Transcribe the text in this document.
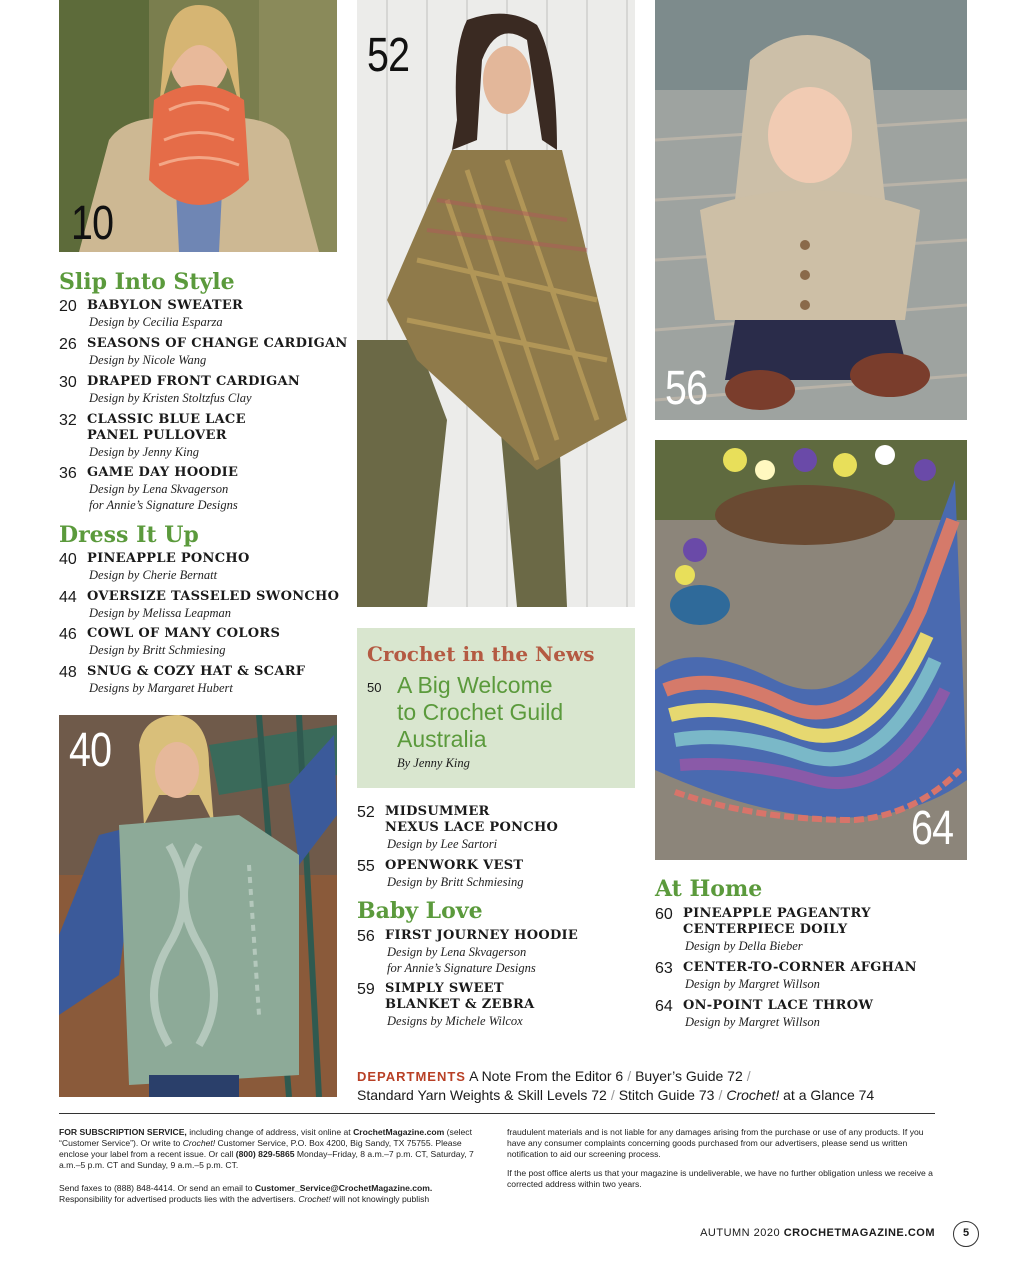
10
52
56
40
64
Slip Into Style
20 BABYLON SWEATER
Design by Cecilia Esparza
26 SEASONS OF CHANGE CARDIGAN
Design by Nicole Wang
30 DRAPED FRONT CARDIGAN
Design by Kristen Stoltzfus Clay
32 CLASSIC BLUE LACE
PANEL PULLOVER
Design by Jenny King
36 GAME DAY HOODIE
Design by Lena Skvagerson
for Annie’s Signature Designs
Dress It Up
40 PINEAPPLE PONCHO
Design by Cherie Bernatt
44 OVERSIZE TASSELED SWONCHO
Design by Melissa Leapman
46 COWL OF MANY COLORS
Design by Britt Schmiesing
48 SNUG & COZY HAT & SCARF
Designs by Margaret Hubert
Crochet in the News
50 A Big Welcome
to Crochet Guild
Australia
By Jenny King
52 MIDSUMMER
NEXUS LACE PONCHO
Design by Lee Sartori
55 OPENWORK VEST
Design by Britt Schmiesing
Baby Love
56 FIRST JOURNEY HOODIE
Design by Lena Skvagerson
for Annie’s Signature Designs
59 SIMPLY SWEET
BLANKET & ZEBRA
Designs by Michele Wilcox
At Home
60 PINEAPPLE PAGEANTRY
CENTERPIECE DOILY
Design by Della Bieber
63 CENTER-TO-CORNER AFGHAN
Design by Margret Willson
64 ON-POINT LACE THROW
Design by Margret Willson
DEPARTMENTS A Note From the Editor 6 / Buyer’s Guide 72 /
Standard Yarn Weights & Skill Levels 72 / Stitch Guide 73 / Crochet! at a Glance 74

FOR SUBSCRIPTION SERVICE, including change of address, visit online at CrochetMagazine.com (select “Customer Service”). Or write to Crochet! Customer Service, P.O. Box 4200, Big Sandy, TX 75755. Please enclose your label from a recent issue. Or call (800) 829-5865 Monday–Friday, 8 a.m.–7 p.m. CT, Saturday, 7 a.m.–5 p.m. CT and Sunday, 9 a.m.–5 p.m. CT.

Send faxes to (888) 848-4414. Or send an email to Customer_Service@CrochetMagazine.com. Responsibility for advertised products lies with the advertisers. Crochet! will not knowingly publish

fraudulent materials and is not liable for any damages arising from the purchase or use of any products. If you have any consumer complaints concerning goods purchased from our advertisers, please send us written notification to aid our screening process.

If the post office alerts us that your magazine is undeliverable, we have no further obligation unless we receive a corrected address within two years.

AUTUMN 2020 CROCHETMAGAZINE.COM	5
